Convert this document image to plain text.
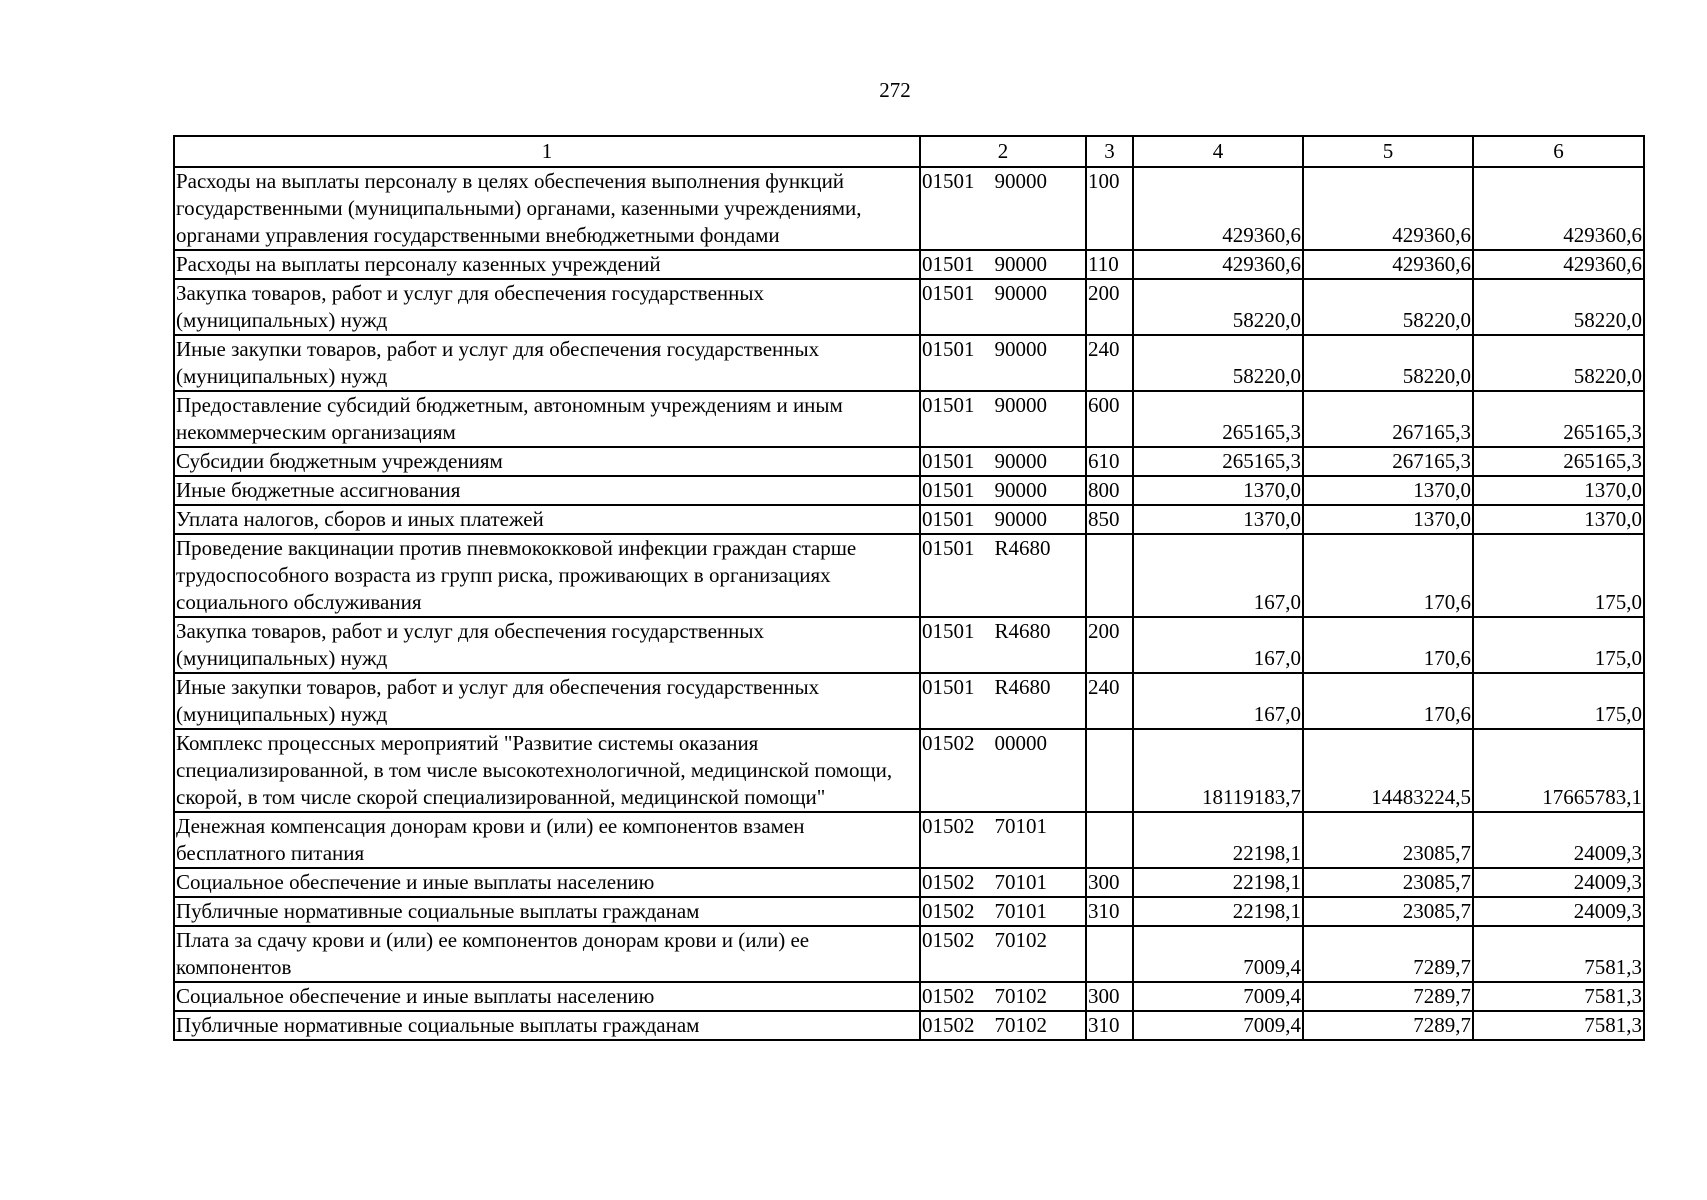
272
1	2	3	4	5	6
Расходы на выплаты персоналу в целях обеспечения выполнения функций государственными (муниципальными) органами, казенными учреждениями, органами управления государственными внебюджетными фондами	01501 90000	100	429360,6	429360,6	429360,6
Расходы на выплаты персоналу казенных учреждений	01501 90000	110	429360,6	429360,6	429360,6
Закупка товаров, работ и услуг для обеспечения государственных (муниципальных) нужд	01501 90000	200	58220,0	58220,0	58220,0
Иные закупки товаров, работ и услуг для обеспечения государственных (муниципальных) нужд	01501 90000	240	58220,0	58220,0	58220,0
Предоставление субсидий бюджетным, автономным учреждениям и иным некоммерческим организациям	01501 90000	600	265165,3	267165,3	265165,3
Субсидии бюджетным учреждениям	01501 90000	610	265165,3	267165,3	265165,3
Иные бюджетные ассигнования	01501 90000	800	1370,0	1370,0	1370,0
Уплата налогов, сборов и иных платежей	01501 90000	850	1370,0	1370,0	1370,0
Проведение вакцинации против пневмококковой инфекции граждан старше трудоспособного возраста из групп риска, проживающих в организациях социального обслуживания	01501 R4680		167,0	170,6	175,0
Закупка товаров, работ и услуг для обеспечения государственных (муниципальных) нужд	01501 R4680	200	167,0	170,6	175,0
Иные закупки товаров, работ и услуг для обеспечения государственных (муниципальных) нужд	01501 R4680	240	167,0	170,6	175,0
Комплекс процессных мероприятий "Развитие системы оказания специализированной, в том числе высокотехнологичной, медицинской помощи, скорой, в том числе скорой специализированной, медицинской помощи"	01502 00000		18119183,7	14483224,5	17665783,1
Денежная компенсация донорам крови и (или) ее компонентов взамен бесплатного питания	01502 70101		22198,1	23085,7	24009,3
Социальное обеспечение и иные выплаты населению	01502 70101	300	22198,1	23085,7	24009,3
Публичные нормативные социальные выплаты гражданам	01502 70101	310	22198,1	23085,7	24009,3
Плата за сдачу крови и (или) ее компонентов донорам крови и (или) ее компонентов	01502 70102		7009,4	7289,7	7581,3
Социальное обеспечение и иные выплаты населению	01502 70102	300	7009,4	7289,7	7581,3
Публичные нормативные социальные выплаты гражданам	01502 70102	310	7009,4	7289,7	7581,3
